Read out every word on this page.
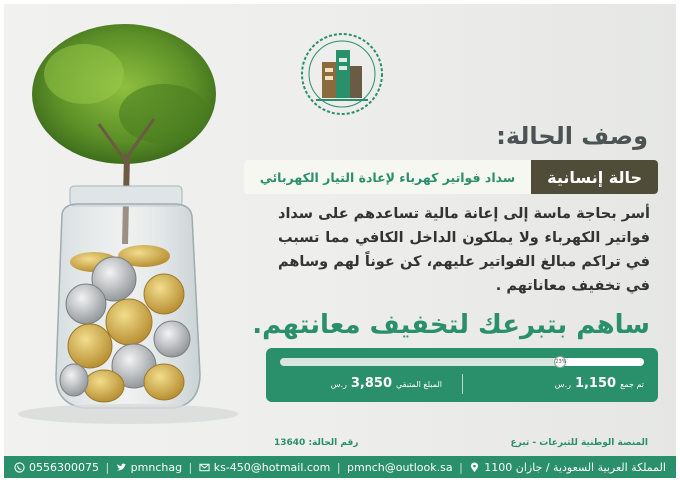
وصف الحالة:
حالة إنسانية
سداد فواتير كهرباء لإعادة التيار الكهربائي
أسر بحاجة ماسة إلى إعانة مالية تساعدهم على سداد فواتير الكهرباء ولا يملكون الداخل الكافي مما تسبب في تراكم مبالغ الفواتير عليهم، كن عوناً لهم وساهم في تخفيف معاناتهم .
ساهم بتبرعك لتخفيف معانتهم.
23%
تم جمع
1,150
ر.س
المبلغ المتبقي
3,850
ر.س
المنصة الوطنية للتبرعات - تبرع
رقم الحالة: 13640
0556300075 | pmnchag | ks-450@hotmail.com | pmnch@outlook.sa | المملكة العربية السعودية / جازان 1100
